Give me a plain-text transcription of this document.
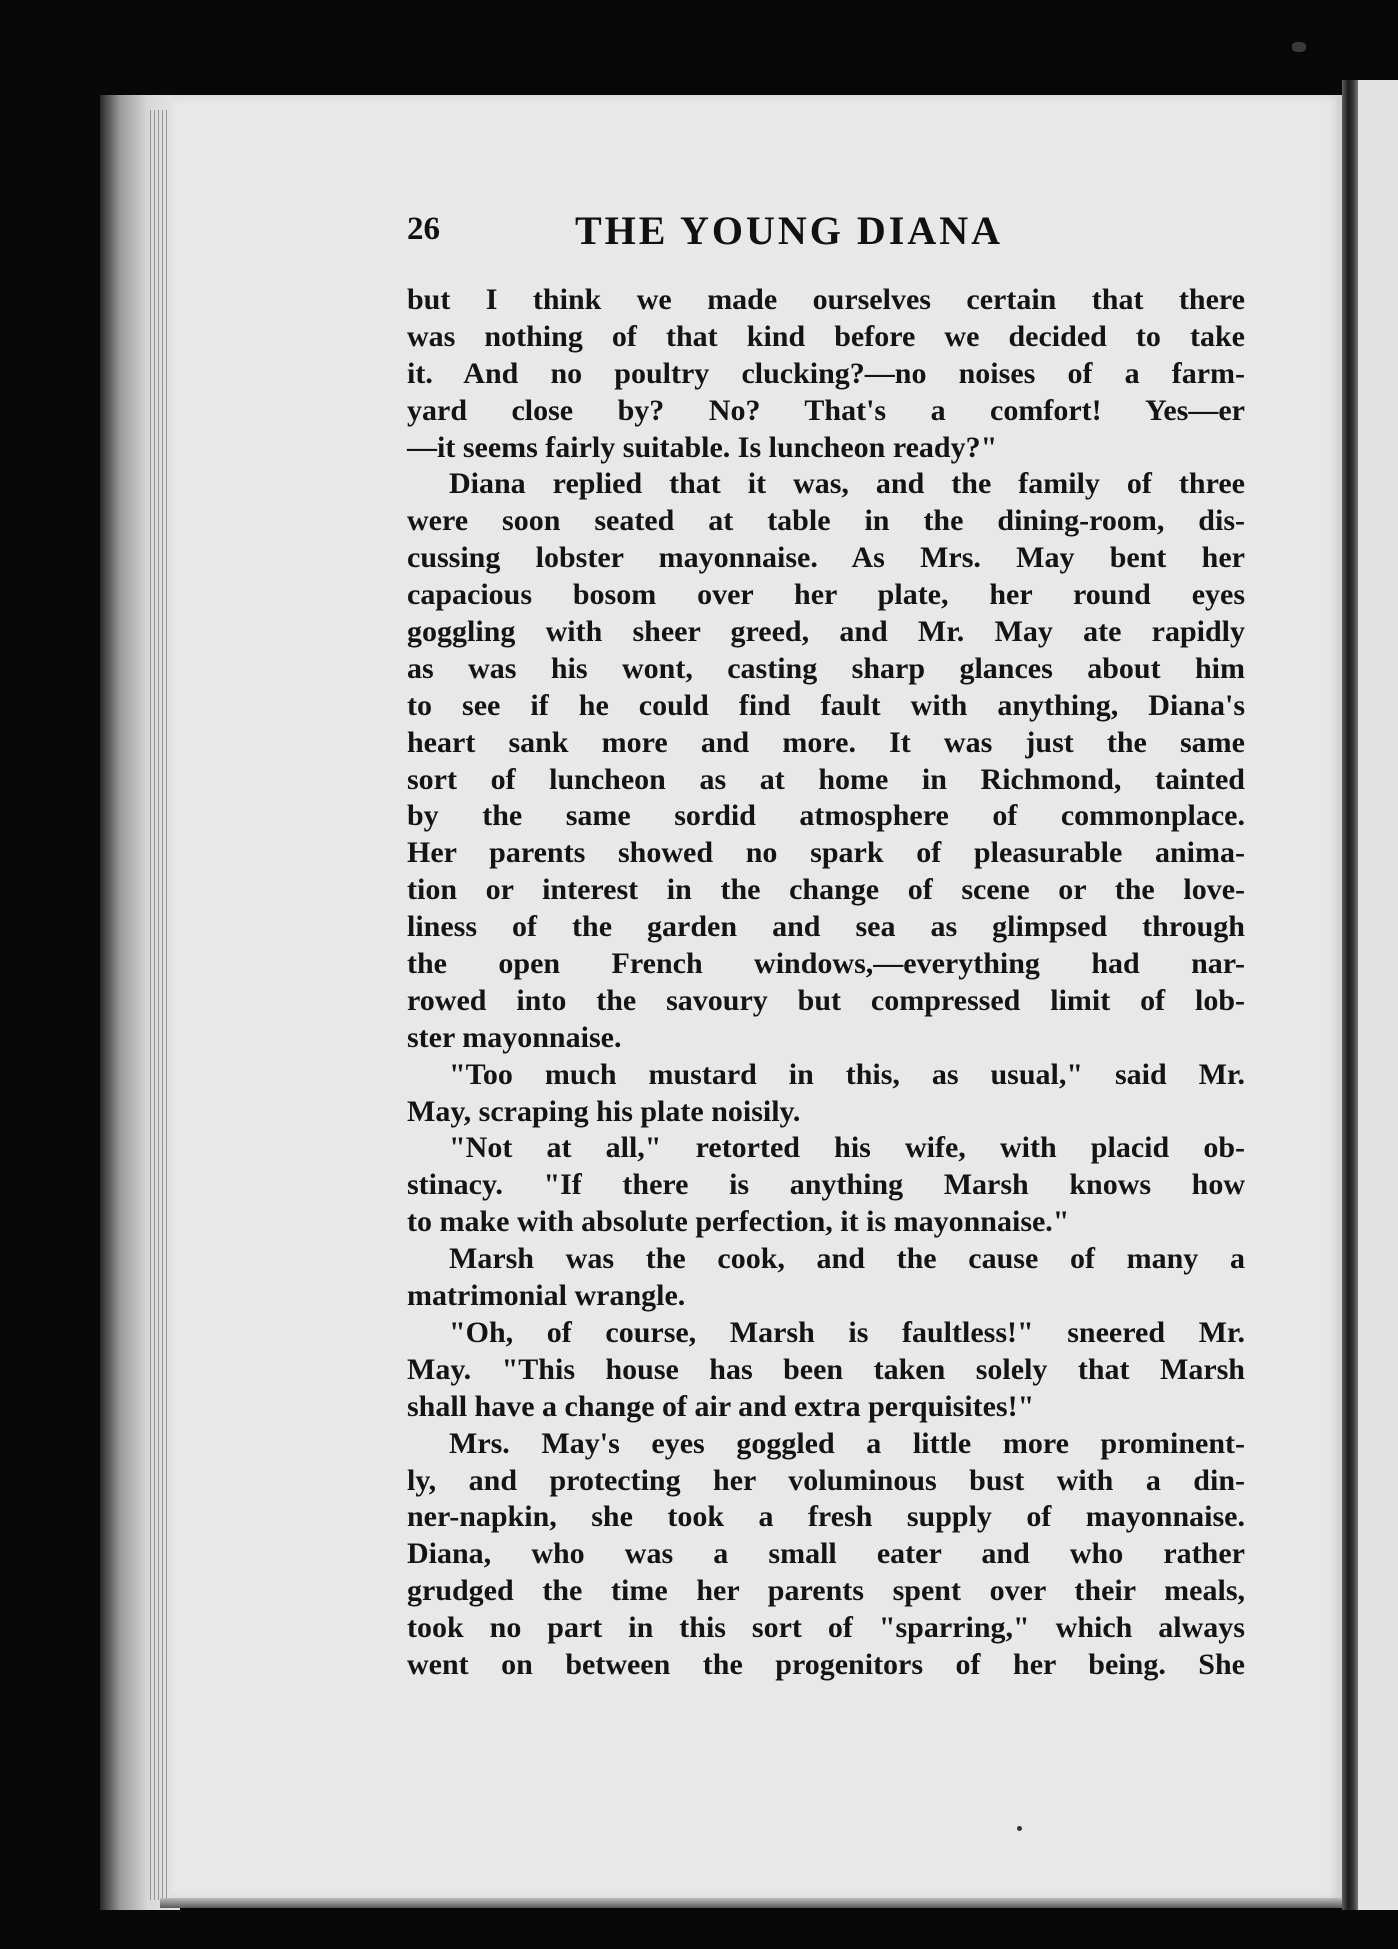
26	THE YOUNG DIANA
but I think we made ourselves certain that there
was nothing of that kind before we decided to take
it. And no poultry clucking?—no noises of a farm-
yard close by? No? That's a comfort! Yes—er
—it seems fairly suitable. Is luncheon ready?"
Diana replied that it was, and the family of three
were soon seated at table in the dining-room, dis-
cussing lobster mayonnaise. As Mrs. May bent her
capacious bosom over her plate, her round eyes
goggling with sheer greed, and Mr. May ate rapidly
as was his wont, casting sharp glances about him
to see if he could find fault with anything, Diana's
heart sank more and more. It was just the same
sort of luncheon as at home in Richmond, tainted
by the same sordid atmosphere of commonplace.
Her parents showed no spark of pleasurable anima-
tion or interest in the change of scene or the love-
liness of the garden and sea as glimpsed through
the open French windows,—everything had nar-
rowed into the savoury but compressed limit of lob-
ster mayonnaise.
"Too much mustard in this, as usual," said Mr.
May, scraping his plate noisily.
"Not at all," retorted his wife, with placid ob-
stinacy. "If there is anything Marsh knows how
to make with absolute perfection, it is mayonnaise."
Marsh was the cook, and the cause of many a
matrimonial wrangle.
"Oh, of course, Marsh is faultless!" sneered Mr.
May. "This house has been taken solely that Marsh
shall have a change of air and extra perquisites!"
Mrs. May's eyes goggled a little more prominent-
ly, and protecting her voluminous bust with a din-
ner-napkin, she took a fresh supply of mayonnaise.
Diana, who was a small eater and who rather
grudged the time her parents spent over their meals,
took no part in this sort of "sparring," which always
went on between the progenitors of her being. She
